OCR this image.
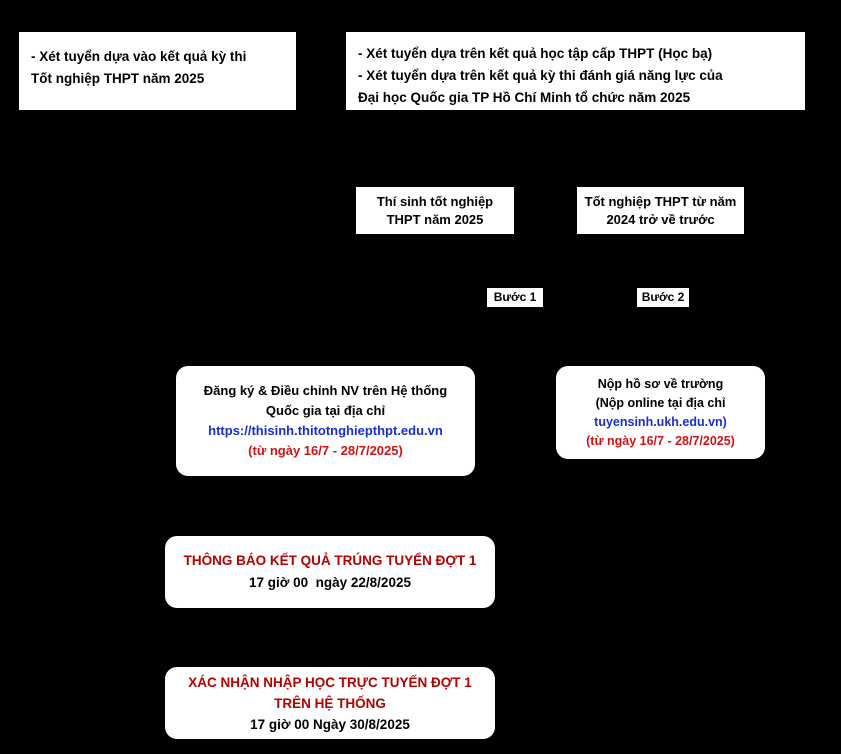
- Xét tuyển dựa vào kết quả kỳ thi
Tốt nghiệp THPT năm 2025
- Xét tuyển dựa trên kết quả học tập cấp THPT (Học bạ)
- Xét tuyển dựa trên kết quả kỳ thi đánh giá năng lực của
Đại học Quốc gia TP Hồ Chí Minh tổ chức năm 2025
Thí sinh tốt nghiệp
THPT năm 2025
Tốt nghiệp THPT từ năm
2024 trở về trước
Bước 1	Bước 2
Đăng ký & Điều chỉnh NV trên Hệ thống
Quốc gia tại địa chỉ
https://thisinh.thitotnghiepthpt.edu.vn
(từ ngày 16/7 - 28/7/2025)
Nộp hồ sơ về trường
(Nộp online tại địa chỉ
tuyensinh.ukh.edu.vn)
(từ ngày 16/7 - 28/7/2025)
THÔNG BÁO KẾT QUẢ TRÚNG TUYỂN ĐỢT 1
17 giờ 00  ngày 22/8/2025
XÁC NHẬN NHẬP HỌC TRỰC TUYẾN ĐỢT 1
TRÊN HỆ THỐNG
17 giờ 00 Ngày 30/8/2025
